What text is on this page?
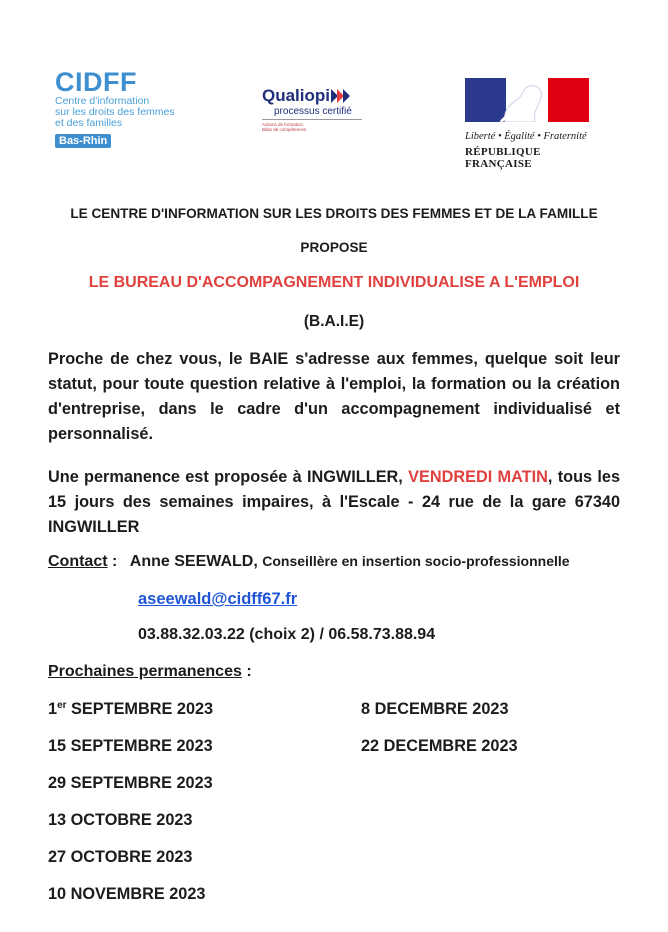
CIDFF
Centre d'information
sur les droits des femmes
et des familles
Bas-Rhin
Qualiopi
processus certifié
Actions de formation
Bilan de compétences
Liberté • Égalité • Fraternité
RÉPUBLIQUE FRANÇAISE
LE CENTRE D'INFORMATION SUR LES DROITS DES FEMMES ET DE LA FAMILLE
PROPOSE
LE BUREAU D'ACCOMPAGNEMENT INDIVIDUALISE A L'EMPLOI
(B.A.I.E)
Proche de chez vous, le BAIE s'adresse aux femmes, quelque soit leur statut, pour toute question relative à l'emploi, la formation ou la création d'entreprise, dans le cadre d'un accompagnement individualisé et personnalisé.
Une permanence est proposée à INGWILLER, VENDREDI MATIN, tous les 15 jours des semaines impaires, à l'Escale - 24 rue de la gare 67340 INGWILLER
Contact : Anne SEEWALD, Conseillère en insertion socio-professionnelle
aseewald@cidff67.fr
03.88.32.03.22 (choix 2) / 06.58.73.88.94
Prochaines permanences :
1er SEPTEMBRE 2023
15 SEPTEMBRE 2023
29 SEPTEMBRE 2023
13 OCTOBRE 2023
27 OCTOBRE 2023
10 NOVEMBRE 2023
8 DECEMBRE 2023
22 DECEMBRE 2023
